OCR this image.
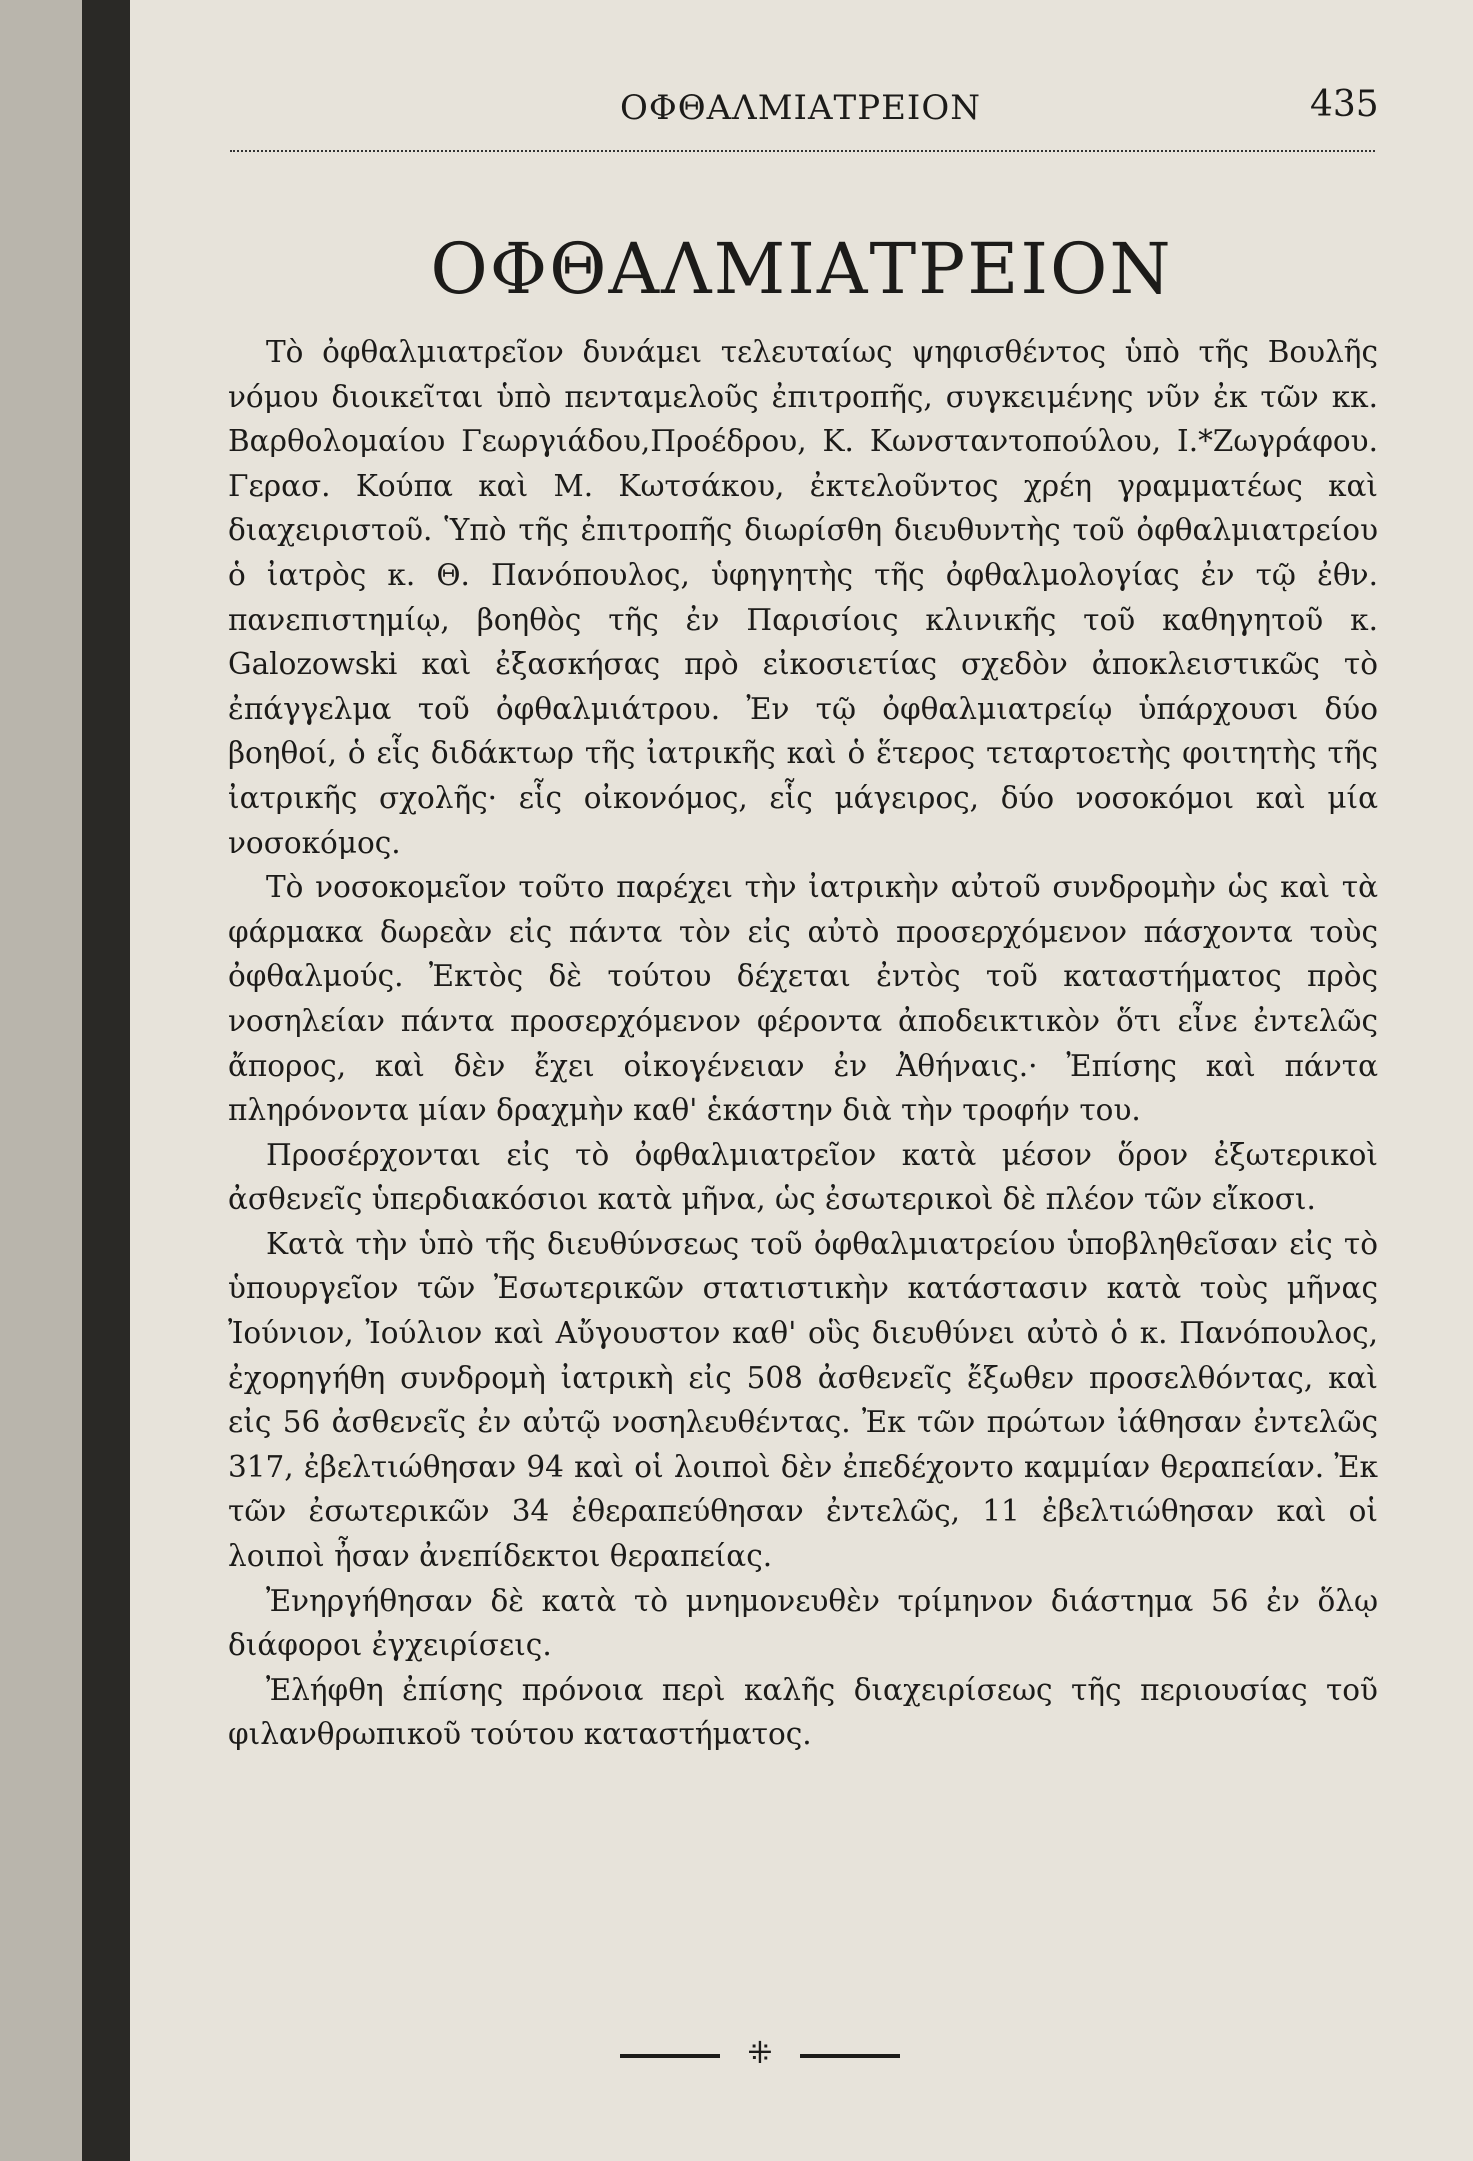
ΟΦΘΑΛΜΙΑΤΡΕΙΟΝ	435
ΟΦΘΑΛΜΙΑΤΡΕΙΟΝ

Τὸ ὀφθαλμιατρεῖον δυνάμει τελευταίως ψηφισθέντος ὑπὸ τῆς Βουλῆς νόμου διοικεῖται ὑπὸ πενταμελοῦς ἐπιτροπῆς, συγκειμένης νῦν ἐκ τῶν κκ. Βαρθολομαίου Γεωργιάδου,Προέδρου, Κ. Κωνσταντοπούλου, Ι.*Ζωγράφου. Γερασ. Κούπα καὶ Μ. Κωτσάκου, ἐκτελοῦντος χρέη γραμματέως καὶ διαχειριστοῦ. Ὑπὸ τῆς ἐπιτροπῆς διωρίσθη διευθυντὴς τοῦ ὀφθαλμιατρείου ὁ ἰατρὸς κ. Θ. Πανόπουλος, ὑφηγητὴς τῆς ὀφθαλμολογίας ἐν τῷ ἐθν. πανεπιστημίῳ, βοηθὸς τῆς ἐν Παρισίοις κλινικῆς τοῦ καθηγητοῦ κ. Galozowski καὶ ἐξασκήσας πρὸ εἰκοσιετίας σχεδὸν ἀποκλειστικῶς τὸ ἐπάγγελμα τοῦ ὀφθαλμιάτρου. Ἐν τῷ ὀφθαλμιατρείῳ ὑπάρχουσι δύο βοηθοί, ὁ εἷς διδάκτωρ τῆς ἰατρικῆς καὶ ὁ ἕτερος τεταρτοετὴς φοιτητὴς τῆς ἰατρικῆς σχολῆς· εἷς οἰκονόμος, εἷς μάγειρος, δύο νοσοκόμοι καὶ μία νοσοκόμος.

Τὸ νοσοκομεῖον τοῦτο παρέχει τὴν ἰατρικὴν αὐτοῦ συνδρομὴν ὡς καὶ τὰ φάρμακα δωρεὰν εἰς πάντα τὸν εἰς αὐτὸ προσερχόμενον πάσχοντα τοὺς ὀφθαλμούς. Ἐκτὸς δὲ τούτου δέχεται ἐντὸς τοῦ καταστήματος πρὸς νοσηλείαν πάντα προσερχόμενον φέροντα ἀποδεικτικὸν ὅτι εἶνε ἐντελῶς ἄπορος, καὶ δὲν ἔχει οἰκογένειαν ἐν Ἀθήναις.· Ἐπίσης καὶ πάντα πληρόνοντα μίαν δραχμὴν καθ' ἑκάστην διὰ τὴν τροφήν του.

Προσέρχονται εἰς τὸ ὀφθαλμιατρεῖον κατὰ μέσον ὅρον ἐξωτερικοὶ ἀσθενεῖς ὑπερδιακόσιοι κατὰ μῆνα, ὡς ἐσωτερικοὶ δὲ πλέον τῶν εἴκοσι.

Κατὰ τὴν ὑπὸ τῆς διευθύνσεως τοῦ ὀφθαλμιατρείου ὑποβληθεῖσαν εἰς τὸ ὑπουργεῖον τῶν Ἐσωτερικῶν στατιστικὴν κατάστασιν κατὰ τοὺς μῆνας Ἰούνιον, Ἰούλιον καὶ Αὔγουστον καθ' οὓς διευθύνει αὐτὸ ὁ κ. Πανόπουλος, ἐχορηγήθη συνδρομὴ ἰατρικὴ εἰς 508 ἀσθενεῖς ἔξωθεν προσελθόντας, καὶ εἰς 56 ἀσθενεῖς ἐν αὐτῷ νοσηλευθέντας. Ἐκ τῶν πρώτων ἰάθησαν ἐντελῶς 317, ἐβελτιώθησαν 94 καὶ οἱ λοιποὶ δὲν ἐπεδέχοντο καμμίαν θεραπείαν. Ἐκ τῶν ἐσωτερικῶν 34 ἐθεραπεύθησαν ἐντελῶς, 11 ἐβελτιώθησαν καὶ οἱ λοιποὶ ἦσαν ἀνεπίδεκτοι θεραπείας.

Ἐνηργήθησαν δὲ κατὰ τὸ μνημονευθὲν τρίμηνον διάστημα 56 ἐν ὅλῳ διάφοροι ἐγχειρίσεις.

Ἐλήφθη ἐπίσης πρόνοια περὶ καλῆς διαχειρίσεως τῆς περιουσίας τοῦ φιλανθρωπικοῦ τούτου καταστήματος.

⁜
